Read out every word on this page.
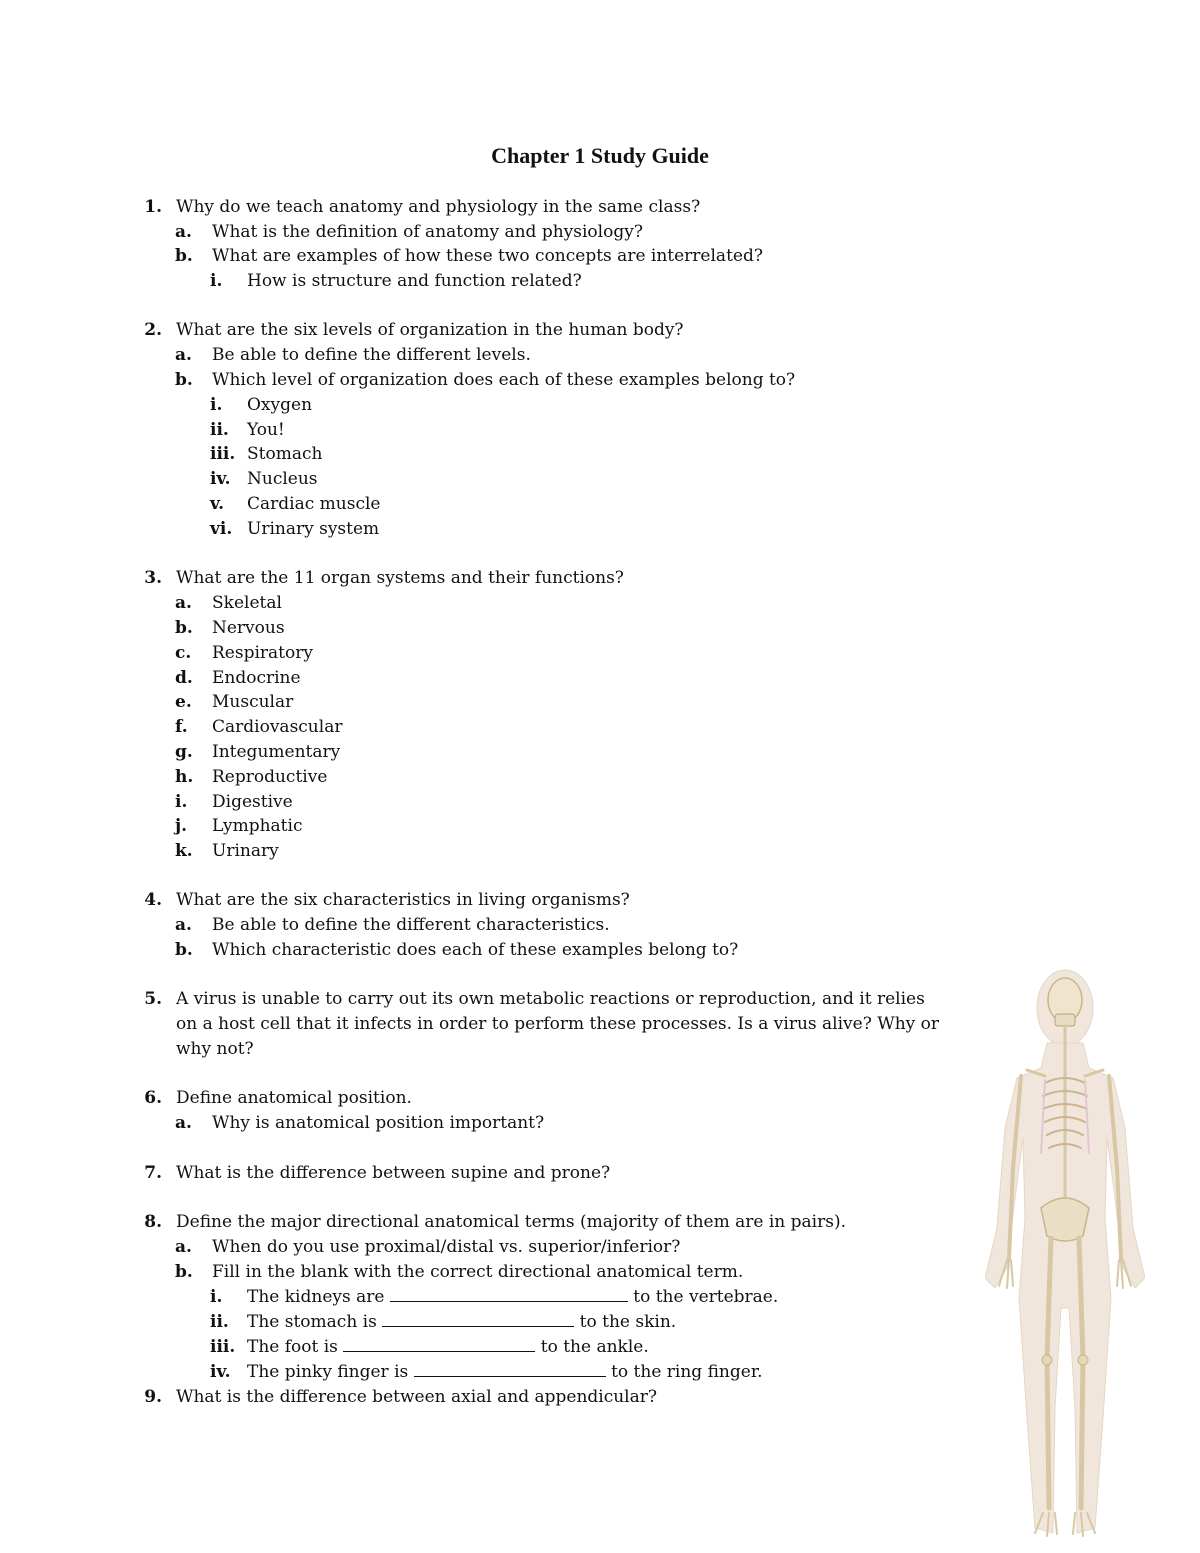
Chapter 1 Study Guide
1. Why do we teach anatomy and physiology in the same class?
a. What is the definition of anatomy and physiology?
b. What are examples of how these two concepts are interrelated?
i.	How is structure and function related?
2. What are the six levels of organization in the human body?
a. Be able to define the different levels.
b. Which level of organization does each of these examples belong to?
i.	Oxygen
ii.	You!
iii. Stomach
iv. Nucleus
v.	Cardiac muscle
vi. Urinary system
3. What are the 11 organ systems and their functions?
a. Skeletal
b. Nervous
c. Respiratory
d. Endocrine
e. Muscular
f.	Cardiovascular
g. Integumentary
h. Reproductive
i.	Digestive
j.	Lymphatic
k. Urinary
4. What are the six characteristics in living organisms?
a. Be able to define the different characteristics.
b. Which characteristic does each of these examples belong to?
5. A virus is unable to carry out its own metabolic reactions or reproduction, and it relies
on a host cell that it infects in order to perform these processes. Is a virus alive? Why or
why not?
6. Define anatomical position.
a. Why is anatomical position important?
7. What is the difference between supine and prone?
8. Define the major directional anatomical terms (majority of them are in pairs).
a. When do you use proximal/distal vs. superior/inferior?
b. Fill in the blank with the correct directional anatomical term.
i.	The kidneys are	to the vertebrae.
ii.	The stomach is	to the skin.
iii. The foot is	to the ankle.
iv. The pinky finger is	to the ring finger.
9. What is the difference between axial and appendicular?
